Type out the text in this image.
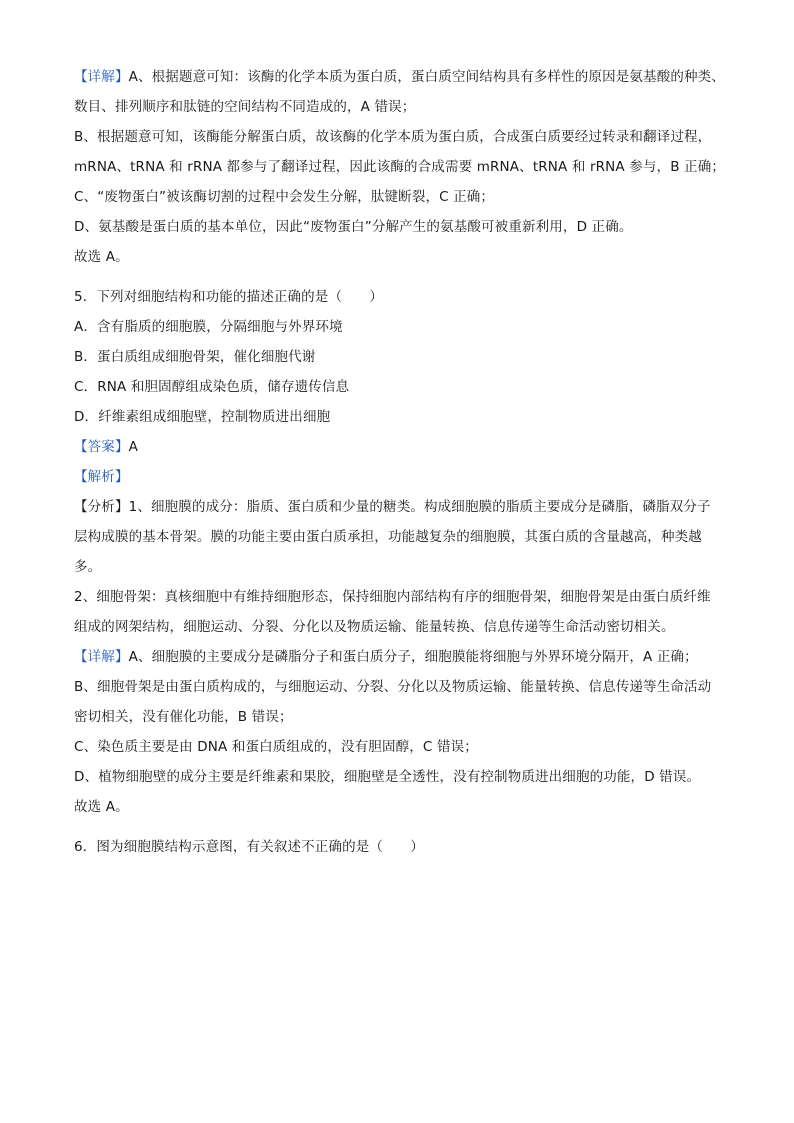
【详解】A、根据题意可知：该酶的化学本质为蛋白质，蛋白质空间结构具有多样性的原因是氨基酸的种类、
数目、排列顺序和肽链的空间结构不同造成的，A 错误；
B、根据题意可知，该酶能分解蛋白质，故该酶的化学本质为蛋白质，合成蛋白质要经过转录和翻译过程，
mRNA、tRNA 和 rRNA 都参与了翻译过程，因此该酶的合成需要 mRNA、tRNA 和 rRNA 参与，B 正确；
C、“废物蛋白”被该酶切割的过程中会发生分解，肽键断裂，C 正确；
D、氨基酸是蛋白质的基本单位，因此“废物蛋白”分解产生的氨基酸可被重新利用，D 正确。
故选 A。
5．下列对细胞结构和功能的描述正确的是（　　）
A．含有脂质的细胞膜，分隔细胞与外界环境
B．蛋白质组成细胞骨架，催化细胞代谢
C．RNA 和胆固醇组成染色质，储存遗传信息
D．纤维素组成细胞壁，控制物质进出细胞
【答案】A
【解析】
【分析】1、细胞膜的成分：脂质、蛋白质和少量的糖类。构成细胞膜的脂质主要成分是磷脂，磷脂双分子
层构成膜的基本骨架。膜的功能主要由蛋白质承担，功能越复杂的细胞膜，其蛋白质的含量越高，种类越
多。
2、细胞骨架：真核细胞中有维持细胞形态，保持细胞内部结构有序的细胞骨架，细胞骨架是由蛋白质纤维
组成的网架结构，细胞运动、分裂、分化以及物质运输、能量转换、信息传递等生命活动密切相关。
【详解】A、细胞膜的主要成分是磷脂分子和蛋白质分子，细胞膜能将细胞与外界环境分隔开，A 正确；
B、细胞骨架是由蛋白质构成的，与细胞运动、分裂、分化以及物质运输、能量转换、信息传递等生命活动
密切相关，没有催化功能，B 错误；
C、染色质主要是由 DNA 和蛋白质组成的，没有胆固醇，C 错误；
D、植物细胞壁的成分主要是纤维素和果胶，细胞壁是全透性，没有控制物质进出细胞的功能，D 错误。
故选 A。
6．图为细胞膜结构示意图，有关叙述不正确的是（　　）
